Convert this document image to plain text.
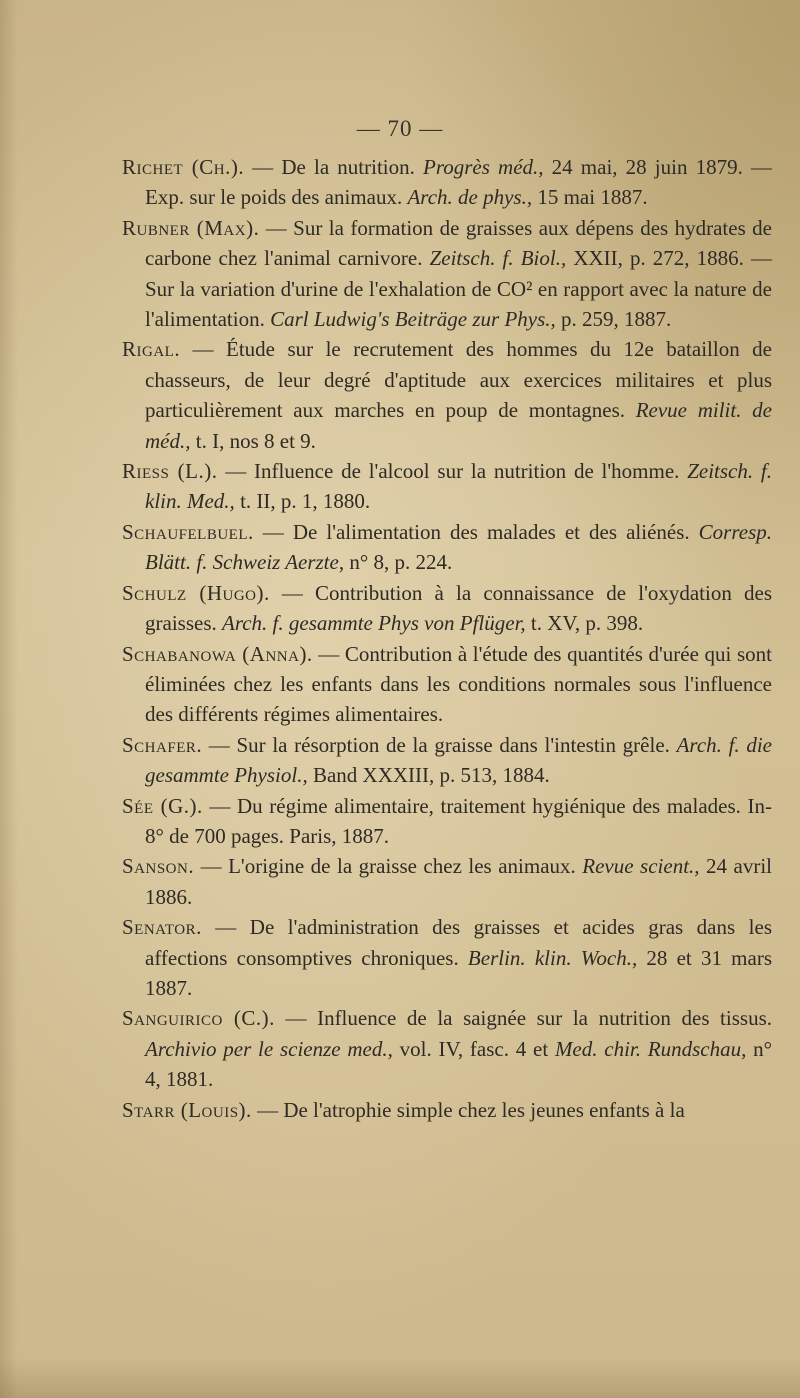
— 70 —

Richet (Ch.). — De la nutrition. Progrès méd., 24 mai, 28 juin 1879. — Exp. sur le poids des animaux. Arch. de phys., 15 mai 1887.

Rubner (Max). — Sur la formation de graisses aux dépens des hydrates de carbone chez l'animal carnivore. Zeitsch. f. Biol., XXII, p. 272, 1886. — Sur la variation d'urine de l'exhalation de CO² en rapport avec la nature de l'alimentation. Carl Ludwig's Beiträge zur Phys., p. 259, 1887.

Rigal. — Étude sur le recrutement des hommes du 12e bataillon de chasseurs, de leur degré d'aptitude aux exercices militaires et plus particulièrement aux marches en poup de montagnes. Revue milit. de méd., t. I, nos 8 et 9.

Riess (L.). — Influence de l'alcool sur la nutrition de l'homme. Zeitsch. f. klin. Med., t. II, p. 1, 1880.

Schaufelbuel. — De l'alimentation des malades et des aliénés. Corresp. Blätt. f. Schweiz Aerzte, n° 8, p. 224.

Schulz (Hugo). — Contribution à la connaissance de l'oxydation des graisses. Arch. f. gesammte Phys von Pflüger, t. XV, p. 398.

Schabanowa (Anna). — Contribution à l'étude des quantités d'urée qui sont éliminées chez les enfants dans les conditions normales sous l'influence des différents régimes alimentaires.

Schafer. — Sur la résorption de la graisse dans l'intestin grêle. Arch. f. die gesammte Physiol., Band XXXIII, p. 513, 1884.

Sée (G.). — Du régime alimentaire, traitement hygiénique des malades. In-8° de 700 pages. Paris, 1887.

Sanson. — L'origine de la graisse chez les animaux. Revue scient., 24 avril 1886.

Senator. — De l'administration des graisses et acides gras dans les affections consomptives chroniques. Berlin. klin. Woch., 28 et 31 mars 1887.

Sanguirico (C.). — Influence de la saignée sur la nutrition des tissus. Archivio per le scienze med., vol. IV, fasc. 4 et Med. chir. Rundschau, n° 4, 1881.

Starr (Louis). — De l'atrophie simple chez les jeunes enfants à la
